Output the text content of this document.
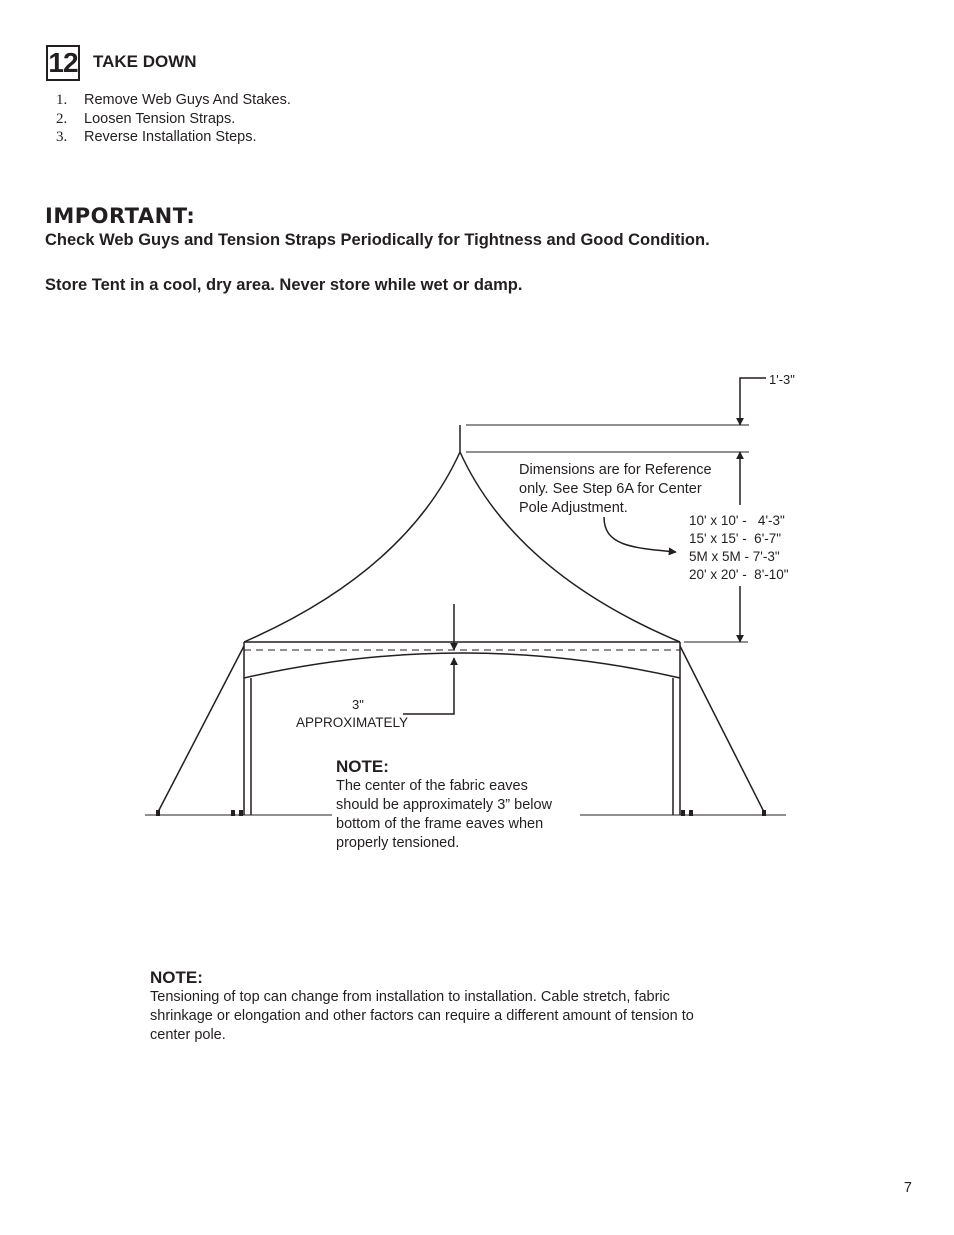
12 TAKE DOWN
1. Remove Web Guys And Stakes.
2. Loosen Tension Straps.
3. Reverse Installation Steps.
IMPORTANT:
Check Web Guys and Tension Straps Periodically for Tightness and Good Condition.
Store Tent in a cool, dry area. Never store while wet or damp.
1'-3"
Dimensions are for Reference only. See Step 6A for Center Pole Adjustment.
10' x 10' -   4'-3" 15' x 15' -  6'-7" 5M x 5M - 7'-3" 20' x 20' -  8'-10"
3"
APPROXIMATELY
NOTE:
The center of the fabric eaves
should be approximately 3” below
bottom of the frame eaves when
properly tensioned.
NOTE:
Tensioning of top can change from installation to installation. Cable stretch, fabric
shrinkage or elongation and other factors can require a different amount of tension to
center pole.
7
